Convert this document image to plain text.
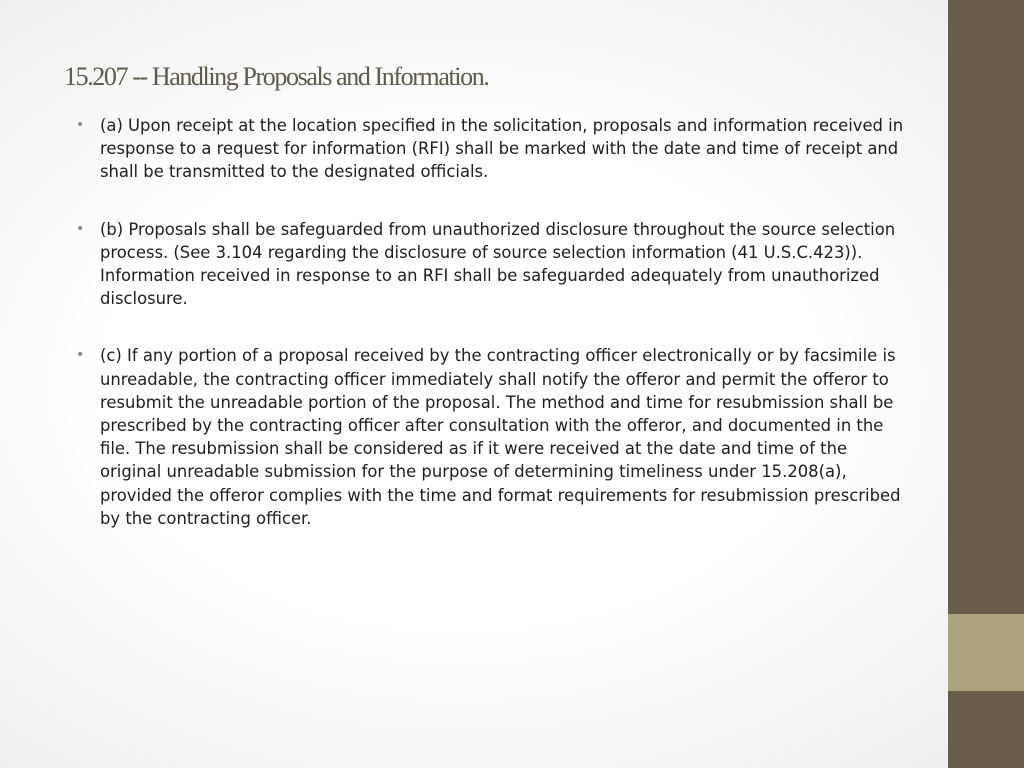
15.207 -- Handling Proposals and Information.

• (a) Upon receipt at the location specified in the solicitation, proposals and information received in response to a request for information (RFI) shall be marked with the date and time of receipt and shall be transmitted to the designated officials.

• (b) Proposals shall be safeguarded from unauthorized disclosure throughout the source selection process. (See 3.104 regarding the disclosure of source selection information (41 U.S.C.423)). Information received in response to an RFI shall be safeguarded adequately from unauthorized disclosure.

• (c) If any portion of a proposal received by the contracting officer electronically or by facsimile is unreadable, the contracting officer immediately shall notify the offeror and permit the offeror to resubmit the unreadable portion of the proposal. The method and time for resubmission shall be prescribed by the contracting officer after consultation with the offeror, and documented in the file. The resubmission shall be considered as if it were received at the date and time of the original unreadable submission for the purpose of determining timeliness under 15.208(a), provided the offeror complies with the time and format requirements for resubmission prescribed by the contracting officer.
